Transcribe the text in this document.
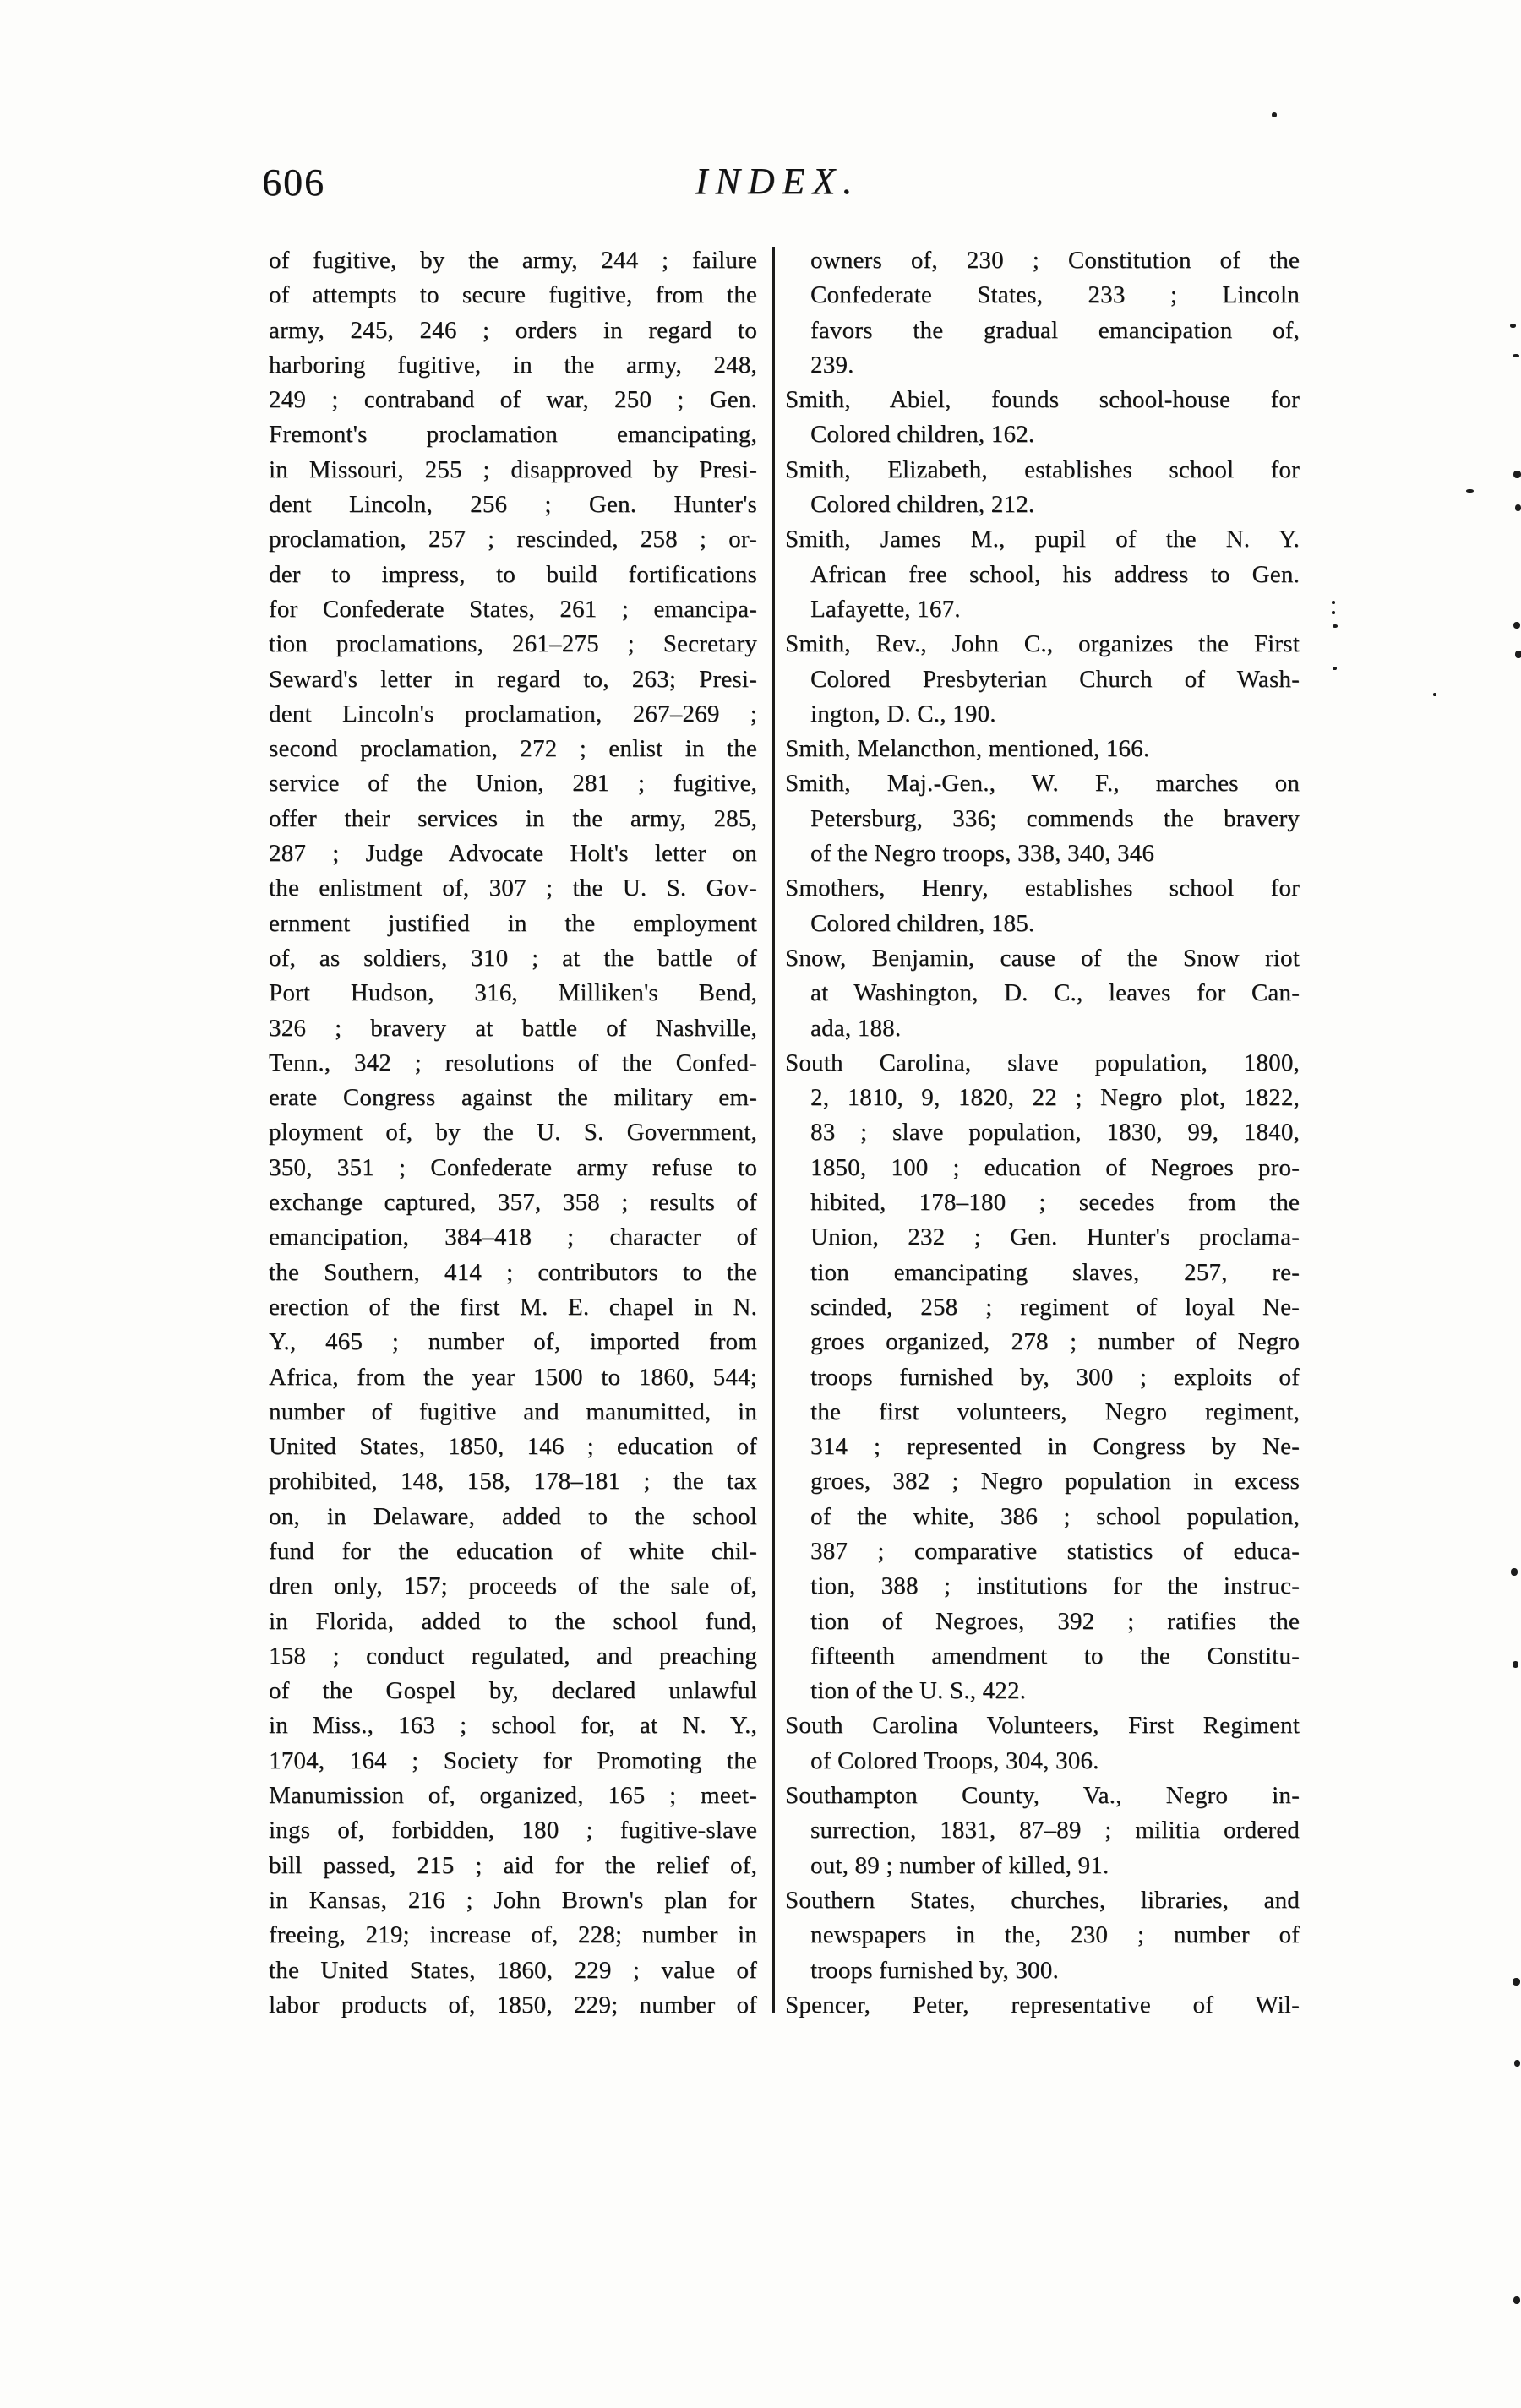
606	INDEX.
of fugitive, by the army, 244 ; failure
of attempts to secure fugitive, from the
army, 245, 246 ; orders in regard to
harboring fugitive, in the army, 248,
249 ; contraband of war, 250 ; Gen.
Fremont's proclamation emancipating,
in Missouri, 255 ; disapproved by Presi-
dent Lincoln, 256 ; Gen. Hunter's
proclamation, 257 ; rescinded, 258 ; or-
der to impress, to build fortifications
for Confederate States, 261 ; emancipa-
tion proclamations, 261–275 ; Secretary
Seward's letter in regard to, 263; Presi-
dent Lincoln's proclamation, 267–269 ;
second proclamation, 272 ; enlist in the
service of the Union, 281 ; fugitive,
offer their services in the army, 285,
287 ; Judge Advocate Holt's letter on
the enlistment of, 307 ; the U. S. Gov-
ernment justified in the employment
of, as soldiers, 310 ; at the battle of
Port Hudson, 316, Milliken's Bend,
326 ; bravery at battle of Nashville,
Tenn., 342 ; resolutions of the Confed-
erate Congress against the military em-
ployment of, by the U. S. Government,
350, 351 ; Confederate army refuse to
exchange captured, 357, 358 ; results of
emancipation, 384–418 ; character of
the Southern, 414 ; contributors to the
erection of the first M. E. chapel in N.
Y., 465 ; number of, imported from
Africa, from the year 1500 to 1860, 544;
number of fugitive and manumitted, in
United States, 1850, 146 ; education of
prohibited, 148, 158, 178–181 ; the tax
on, in Delaware, added to the school
fund for the education of white chil-
dren only, 157; proceeds of the sale of,
in Florida, added to the school fund,
158 ; conduct regulated, and preaching
of the Gospel by, declared unlawful
in Miss., 163 ; school for, at N. Y.,
1704, 164 ; Society for Promoting the
Manumission of, organized, 165 ; meet-
ings of, forbidden, 180 ; fugitive-slave
bill passed, 215 ; aid for the relief of,
in Kansas, 216 ; John Brown's plan for
freeing, 219; increase of, 228; number in
the United States, 1860, 229 ; value of
labor products of, 1850, 229; number of
owners of, 230 ; Constitution of the
Confederate States, 233 ; Lincoln
favors the gradual emancipation of,
239.
Smith, Abiel, founds school-house for
Colored children, 162.
Smith, Elizabeth, establishes school for
Colored children, 212.
Smith, James M., pupil of the N. Y.
African free school, his address to Gen.
Lafayette, 167.
Smith, Rev., John C., organizes the First
Colored Presbyterian Church of Wash-
ington, D. C., 190.
Smith, Melancthon, mentioned, 166.
Smith, Maj.-Gen., W. F., marches on
Petersburg, 336; commends the bravery
of the Negro troops, 338, 340, 346
Smothers, Henry, establishes school for
Colored children, 185.
Snow, Benjamin, cause of the Snow riot
at Washington, D. C., leaves for Can-
ada, 188.
South Carolina, slave population, 1800,
2, 1810, 9, 1820, 22 ; Negro plot, 1822,
83 ; slave population, 1830, 99, 1840,
1850, 100 ; education of Negroes pro-
hibited, 178–180 ; secedes from the
Union, 232 ; Gen. Hunter's proclama-
tion emancipating slaves, 257, re-
scinded, 258 ; regiment of loyal Ne-
groes organized, 278 ; number of Negro
troops furnished by, 300 ; exploits of
the first volunteers, Negro regiment,
314 ; represented in Congress by Ne-
groes, 382 ; Negro population in excess
of the white, 386 ; school population,
387 ; comparative statistics of educa-
tion, 388 ; institutions for the instruc-
tion of Negroes, 392 ; ratifies the
fifteenth amendment to the Constitu-
tion of the U. S., 422.
South Carolina Volunteers, First Regiment
of Colored Troops, 304, 306.
Southampton County, Va., Negro in-
surrection, 1831, 87–89 ; militia ordered
out, 89 ; number of killed, 91.
Southern States, churches, libraries, and
newspapers in the, 230 ; number of
troops furnished by, 300.
Spencer, Peter, representative of Wil-
